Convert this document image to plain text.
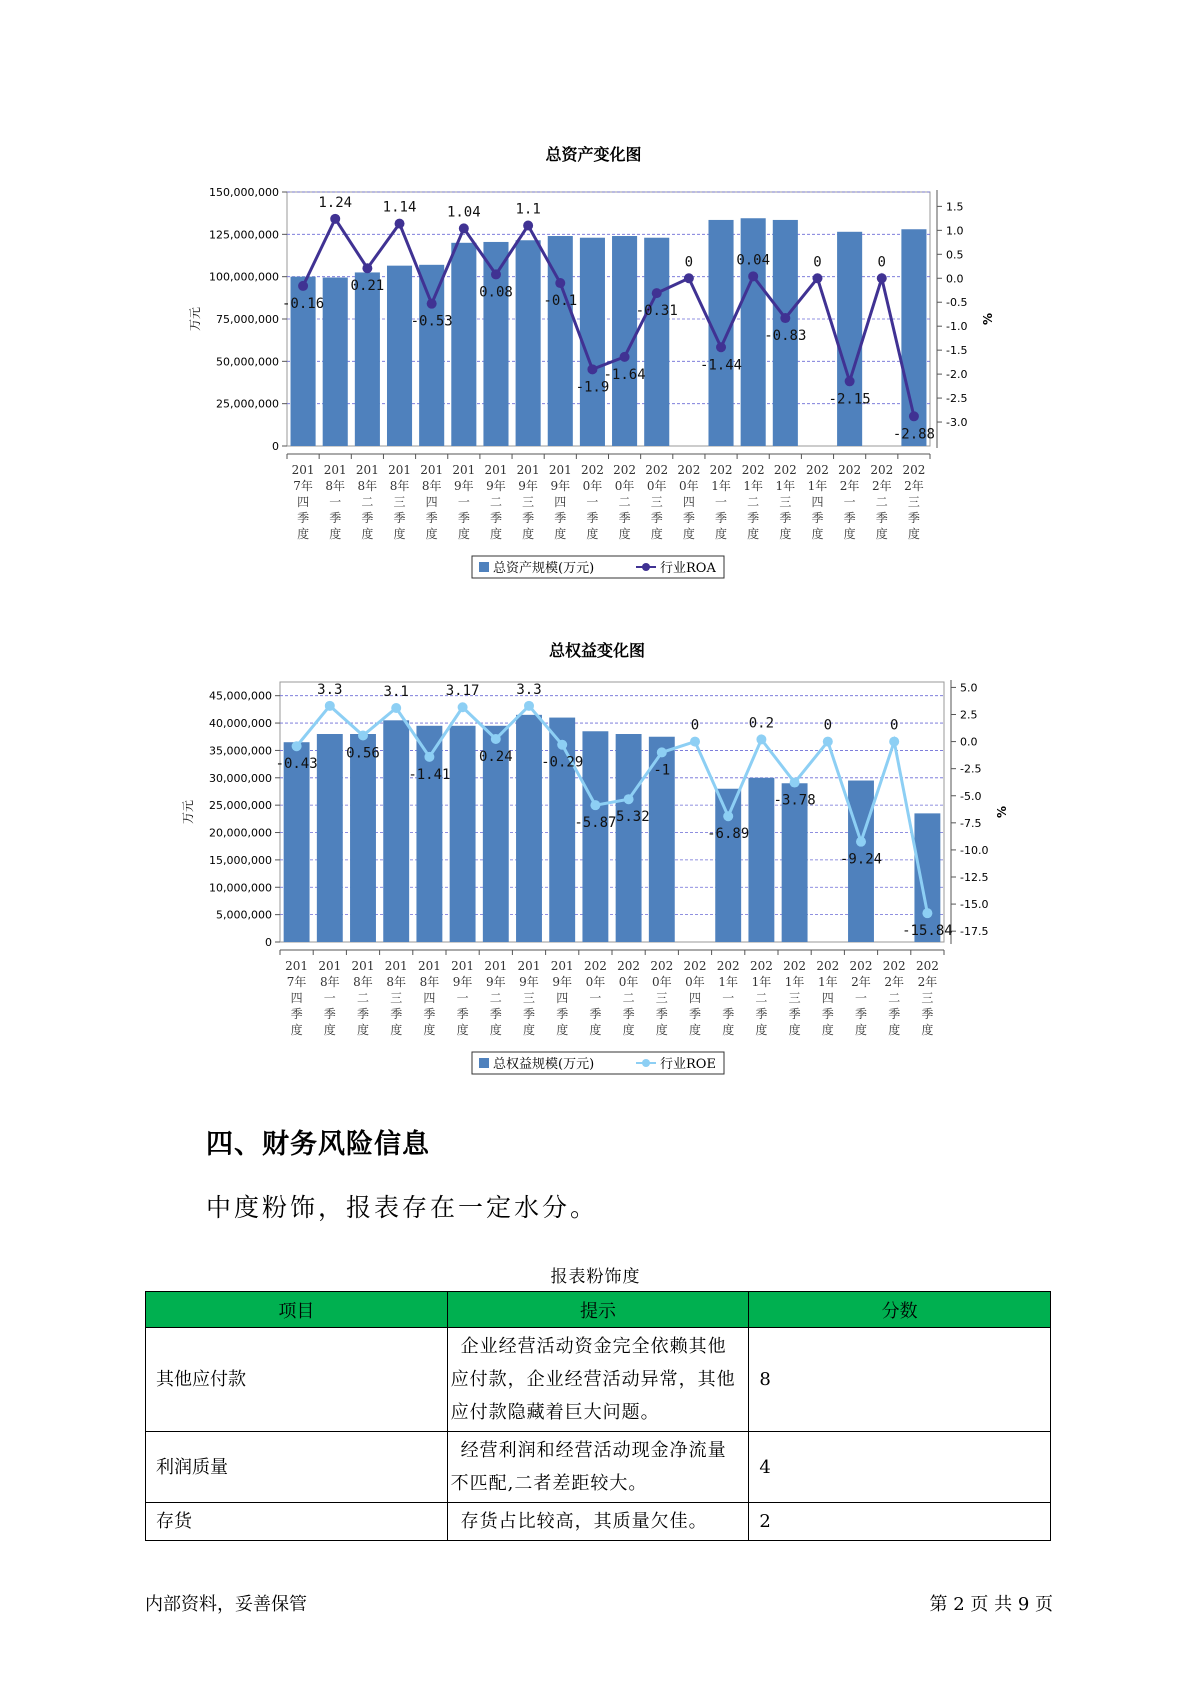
总资产变化图
0
25,000,000
50,000,000
75,000,000
100,000,000
125,000,000
150,000,000
1.5
1.0
0.5
0.0
-0.5
-1.0
-1.5
-2.0
-2.5
-3.0
万元	%
201 7年四季度
201 8年一季度
201 8年二季度
201 8年三季度
201 8年四季度
201 9年一季度
201 9年二季度
201 9年三季度
201 9年四季度
202 0年一季度
202 0年二季度
202 0年三季度
202 0年四季度
202 1年一季度
202 1年二季度
202 1年三季度
202 1年四季度
202 2年一季度
202 2年二季度
202 2年三季度
-0.16
1.24
0.21
1.14
-0.53
1.04
0.08
1.1
-0.1
-1.9
-1.64
-0.31
0
-1.44
0.04
-0.83
0
-2.15
0
-2.88
总资产规模(万元)	行业ROA
总权益变化图
0
5,000,000
10,000,000
15,000,000
20,000,000
25,000,000
30,000,000
35,000,000
40,000,000
45,000,000
5.0
2.5
0.0
-2.5
-5.0
-7.5
-10.0
-12.5
-15.0
-17.5
万元	%
201 7年四季度
201 8年一季度
201 8年二季度
201 8年三季度
201 8年四季度
201 9年一季度
201 9年二季度
201 9年三季度
201 9年四季度
202 0年一季度
202 0年二季度
202 0年三季度
202 0年四季度
202 1年一季度
202 1年二季度
202 1年三季度
202 1年四季度
202 2年一季度
202 2年二季度
202 2年三季度
-0.43
3.3
0.56
3.1
-1.41
3.17
0.24
3.3
-0.29
-5.87
-5.32
-1
0
-6.89
0.2
-3.78
0
-9.24
0
-15.84
总权益规模(万元)	行业ROE
四、财务风险信息
中度粉饰，报表存在一定水分。
报表粉饰度
项目	提示	分数
其他应付款	企业经营活动资金完全依赖其他应付款，企业经营活动异常，其他应付款隐藏着巨大问题。	8
利润质量	经营利润和经营活动现金净流量不匹配,二者差距较大。	4
存货	存货占比较高，其质量欠佳。	2
内部资料，妥善保管	第 2 页 共 9 页
